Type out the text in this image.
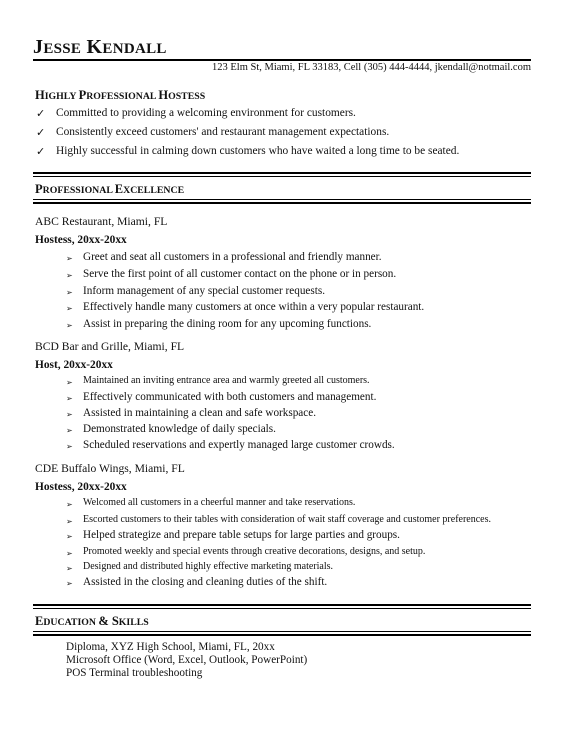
JESSE KENDALL
123 Elm St, Miami, FL 33183, Cell (305) 444-4444, jkendall@notmail.com
HIGHLY PROFESSIONAL HOSTESS
✓ Committed to providing a welcoming environment for customers.
✓ Consistently exceed customers' and restaurant management expectations.
✓ Highly successful in calming down customers who have waited a long time to be seated.
PROFESSIONAL EXCELLENCE
ABC Restaurant, Miami, FL
Hostess, 20xx-20xx
➢ Greet and seat all customers in a professional and friendly manner.
➢ Serve the first point of all customer contact on the phone or in person.
➢ Inform management of any special customer requests.
➢ Effectively handle many customers at once within a very popular restaurant.
➢ Assist in preparing the dining room for any upcoming functions.
BCD Bar and Grille, Miami, FL
Host, 20xx-20xx
➢	Maintained an inviting entrance area and warmly greeted all customers.
➢ Effectively communicated with both customers and management.
➢ Assisted in maintaining a clean and safe workspace.
➢ Demonstrated knowledge of daily specials.
➢ Scheduled reservations and expertly managed large customer crowds.
CDE Buffalo Wings, Miami, FL
Hostess, 20xx-20xx
➢	Welcomed all customers in a cheerful manner and take reservations.
➢	Escorted customers to their tables with consideration of wait staff coverage and customer preferences.
➢ Helped strategize and prepare table setups for large parties and groups.
➢	Promoted weekly and special events through creative decorations, designs, and setup.
➢	Designed and distributed highly effective marketing materials.
➢ Assisted in the closing and cleaning duties of the shift.
EDUCATION & SKILLS
Diploma, XYZ High School, Miami, FL, 20xx
Microsoft Office (Word, Excel, Outlook, PowerPoint)
POS Terminal troubleshooting
